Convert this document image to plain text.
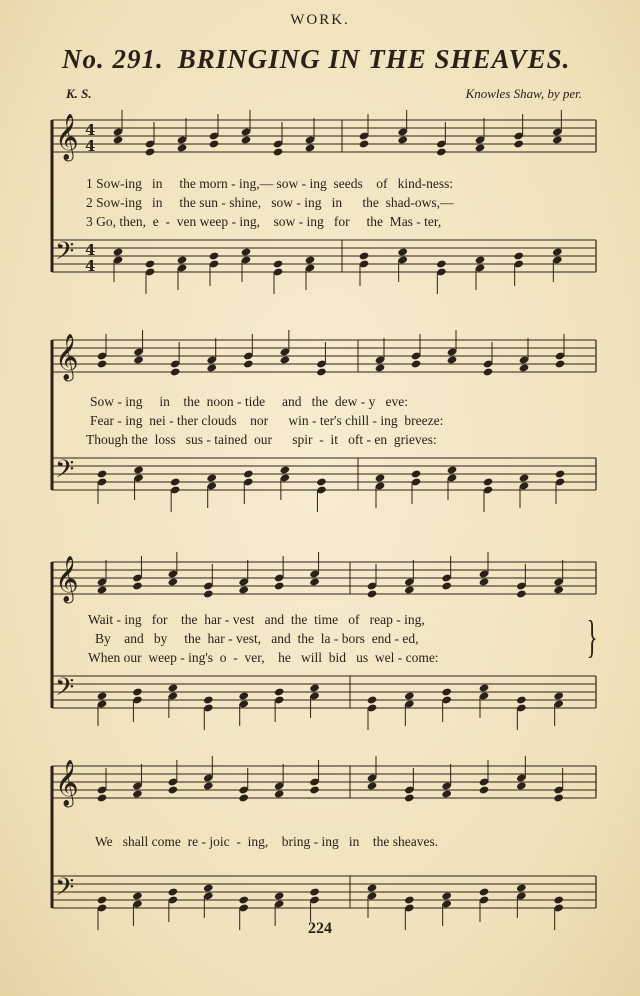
WORK.
No. 291. BRINGING IN THE SHEAVES.
K. S.	Knowles Shaw, by per.
𝄞
𝄢
𝄞
𝄢
𝄞
𝄢
𝄞
𝄢
4
4
4
4
1 Sow-ing   in     the morn - ing,— sow - ing  seeds    of   kind-ness:
2 Sow-ing   in     the sun - shine,   sow - ing   in      the  shad-ows,—
3 Go, then,  e  -  ven weep - ing,    sow - ing   for     the  Mas - ter,
Sow - ing     in    the  noon - tide     and   the  dew - y   eve:
Fear - ing  nei - ther clouds    nor      win - ter's chill - ing  breeze:
Though the  loss   sus - tained  our      spir  -  it   oft - en  grieves:
Wait - ing   for    the  har - vest   and  the  time   of   reap - ing,
By    and   by     the  har - vest,   and  the  la - bors  end - ed,
When our  weep - ing's  o  -  ver,    he   will  bid   us  wel - come:
We   shall come  re - joic  -  ing,    bring - ing   in    the sheaves.
}
224
